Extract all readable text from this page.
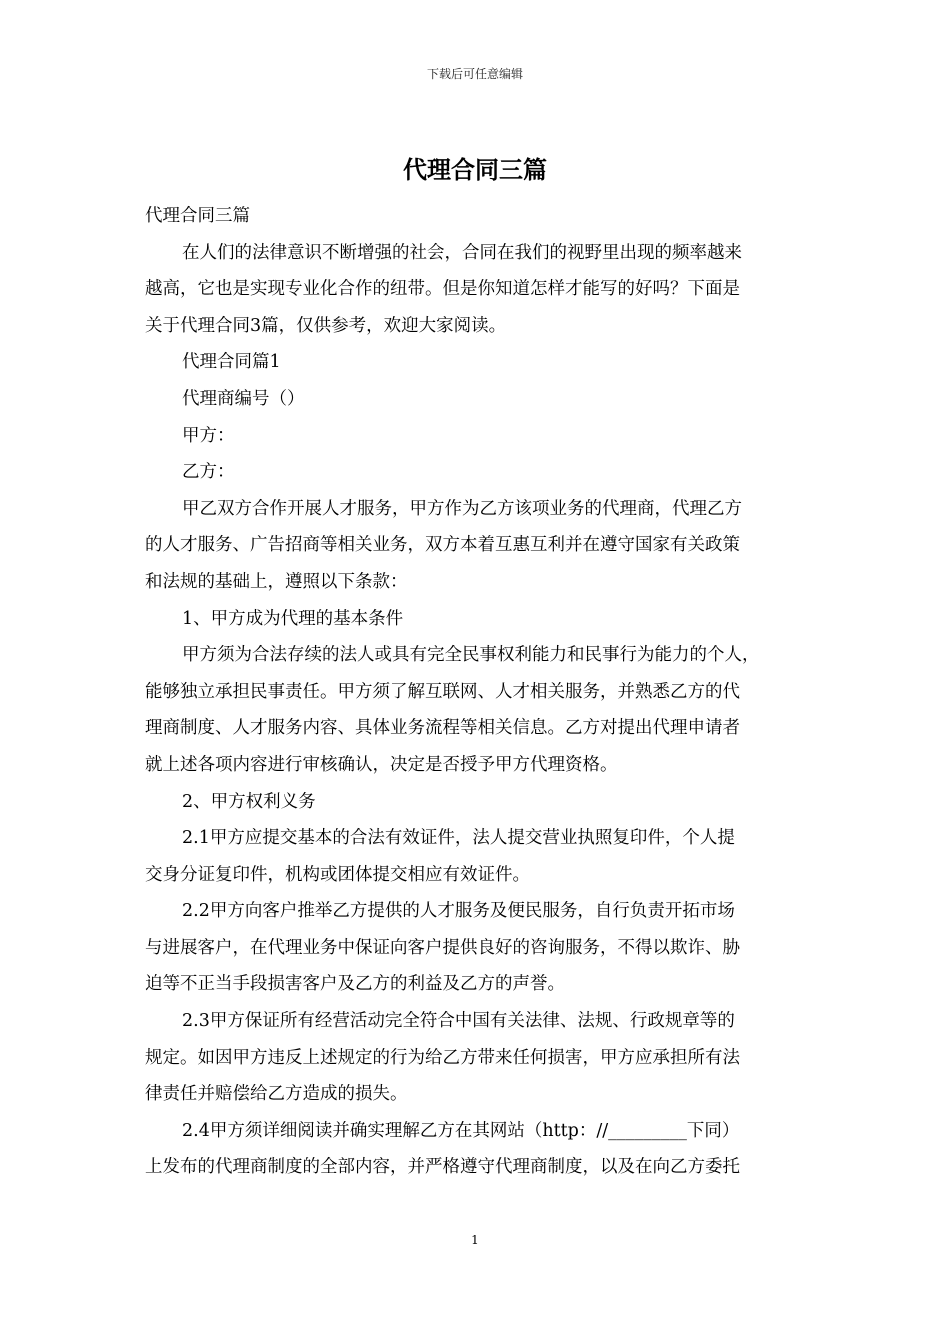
下载后可任意编辑
代理合同三篇

代理合同三篇

在人们的法律意识不断增强的社会，合同在我们的视野里出现的频率越来

越高，它也是实现专业化合作的纽带。但是你知道怎样才能写的好吗？下面是

关于代理合同3篇，仅供参考，欢迎大家阅读。

代理合同篇1

代理商编号（）

甲方：

乙方：

甲乙双方合作开展人才服务，甲方作为乙方该项业务的代理商，代理乙方

的人才服务、广告招商等相关业务，双方本着互惠互利并在遵守国家有关政策

和法规的基础上，遵照以下条款：

1、甲方成为代理的基本条件

甲方须为合法存续的法人或具有完全民事权利能力和民事行为能力的个人，

能够独立承担民事责任。甲方须了解互联网、人才相关服务，并熟悉乙方的代

理商制度、人才服务内容、具体业务流程等相关信息。乙方对提出代理申请者

就上述各项内容进行审核确认，决定是否授予甲方代理资格。

2、甲方权利义务

2.1甲方应提交基本的合法有效证件，法人提交营业执照复印件，个人提

交身分证复印件，机构或团体提交相应有效证件。

2.2甲方向客户推举乙方提供的人才服务及便民服务，自行负责开拓市场

与进展客户，在代理业务中保证向客户提供良好的咨询服务，不得以欺诈、胁

迫等不正当手段损害客户及乙方的利益及乙方的声誉。

2.3甲方保证所有经营活动完全符合中国有关法律、法规、行政规章等的

规定。如因甲方违反上述规定的行为给乙方带来任何损害，甲方应承担所有法

律责任并赔偿给乙方造成的损失。

2.4甲方须详细阅读并确实理解乙方在其网站（http：//_________下同）

上发布的代理商制度的全部内容，并严格遵守代理商制度，以及在向乙方委托

1
